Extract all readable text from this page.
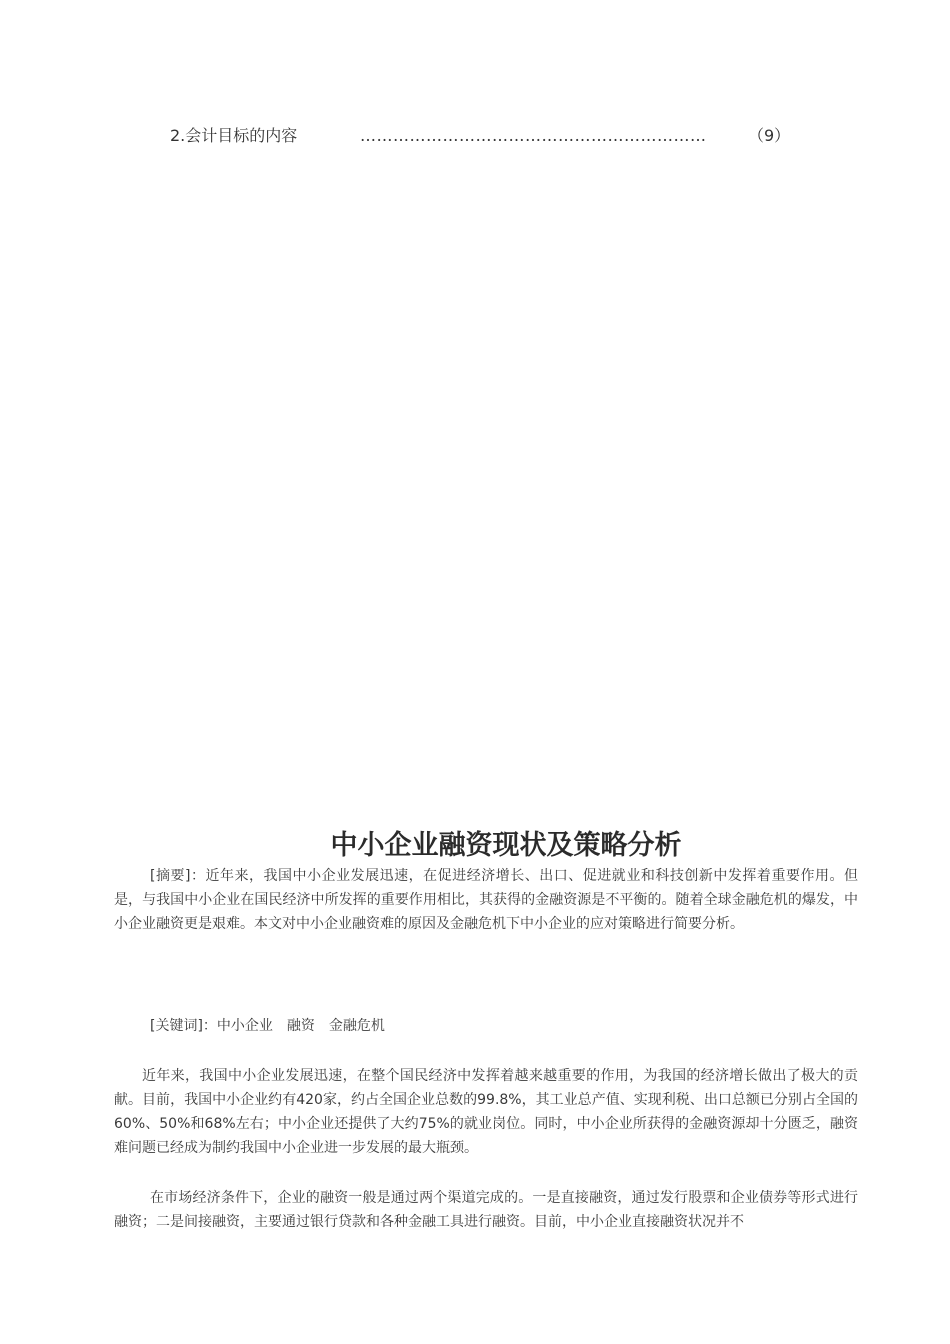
2.会计目标的内容	………………………………………………………	（9）
中小企业融资现状及策略分析

[摘要]：近年来，我国中小企业发展迅速，在促进经济增长、出口、促进就业和科技创新中发挥着重要作用。但是，与我国中小企业在国民经济中所发挥的重要作用相比，其获得的金融资源是不平衡的。随着全球金融危机的爆发，中小企业融资更是艰难。本文对中小企业融资难的原因及金融危机下中小企业的应对策略进行简要分析。

[关键词]：中小企业　融资　金融危机

近年来，我国中小企业发展迅速，在整个国民经济中发挥着越来越重要的作用，为我国的经济增长做出了极大的贡献。目前，我国中小企业约有420家，约占全国企业总数的99.8%，其工业总产值、实现利税、出口总额已分别占全国的60%、50%和68%左右；中小企业还提供了大约75%的就业岗位。同时，中小企业所获得的金融资源却十分匮乏，融资难问题已经成为制约我国中小企业进一步发展的最大瓶颈。

在市场经济条件下，企业的融资一般是通过两个渠道完成的。一是直接融资，通过发行股票和企业债券等形式进行融资；二是间接融资，主要通过银行贷款和各种金融工具进行融资。目前，中小企业直接融资状况并不
